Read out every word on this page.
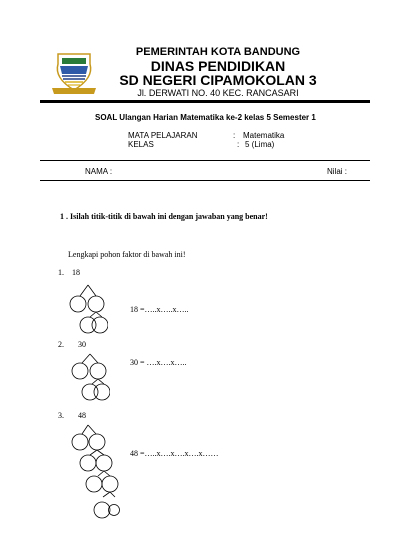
PEMERINTAH KOTA BANDUNG
DINAS PENDIDIKAN
SD NEGERI CIPAMOKOLAN 3
Jl. DERWATI NO. 40 KEC. RANCASARI
SOAL Ulangan Harian Matematika ke-2 kelas 5 Semester 1
MATA PELAJARAN	: Matematika
KELAS	: 5 (Lima)
NAMA :	Nilai :
1 . Isilah titik-titik di bawah ini dengan jawaban yang benar!
Lengkapi pohon faktor di bawah ini!
1. 18
18 =…..x…..x…..
2. 30
30 = ….x….x…..
3. 48
48 =…..x….x….x….x……
